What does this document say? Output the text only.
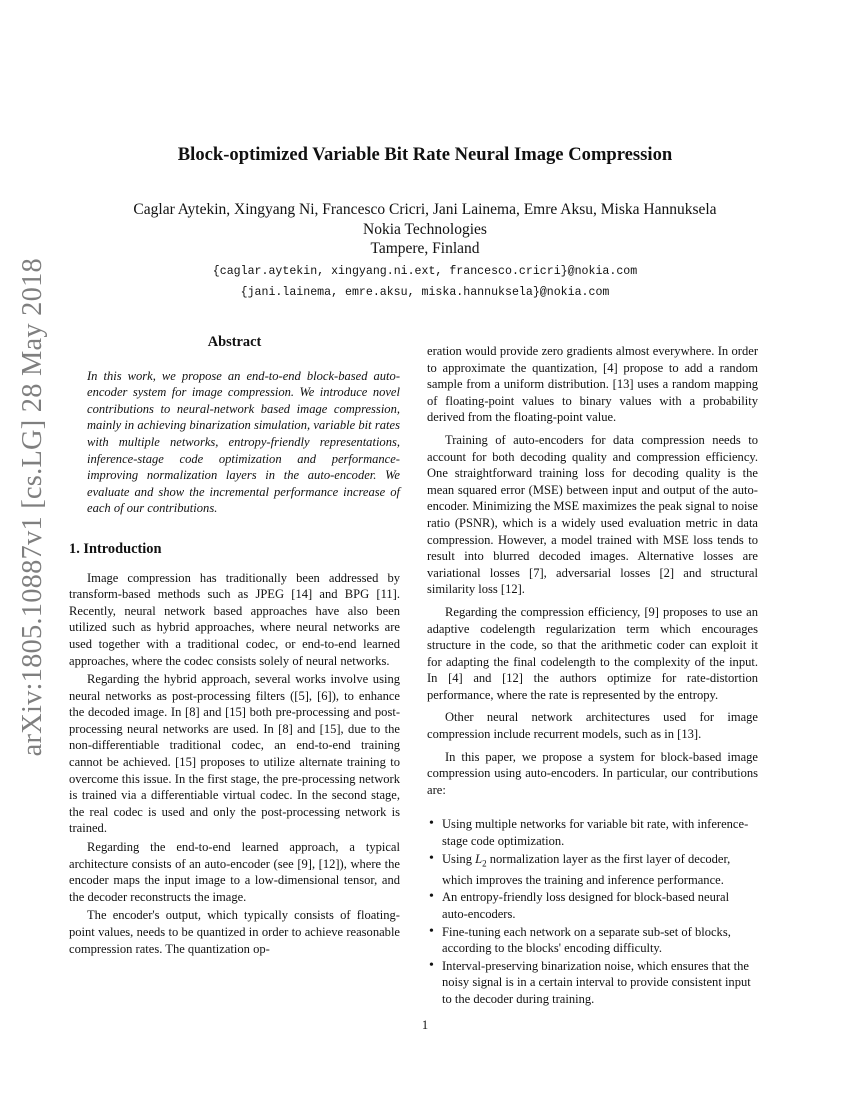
arXiv:1805.10887v1 [cs.LG] 28 May 2018
Block-optimized Variable Bit Rate Neural Image Compression
Caglar Aytekin, Xingyang Ni, Francesco Cricri, Jani Lainema, Emre Aksu, Miska Hannuksela
Nokia Technologies
Tampere, Finland
{caglar.aytekin, xingyang.ni.ext, francesco.cricri}@nokia.com
{jani.lainema, emre.aksu, miska.hannuksela}@nokia.com
Abstract

In this work, we propose an end-to-end block-based auto-encoder system for image compression. We introduce novel contributions to neural-network based image compression, mainly in achieving binarization simulation, variable bit rates with multiple networks, entropy-friendly representations, inference-stage code optimization and performance-improving normalization layers in the auto-encoder. We evaluate and show the incremental performance increase of each of our contributions.

1. Introduction

Image compression has traditionally been addressed by transform-based methods such as JPEG [14] and BPG [11]. Recently, neural network based approaches have also been utilized such as hybrid approaches, where neural networks are used together with a traditional codec, or end-to-end learned approaches, where the codec consists solely of neural networks.

Regarding the hybrid approach, several works involve using neural networks as post-processing filters ([5], [6]), to enhance the decoded image. In [8] and [15] both pre-processing and post-processing neural networks are used. In [8] and [15], due to the non-differentiable traditional codec, an end-to-end training cannot be achieved. [15] proposes to utilize alternate training to overcome this issue. In the first stage, the pre-processing network is trained via a differentiable virtual codec. In the second stage, the real codec is used and only the post-processing network is trained.

Regarding the end-to-end learned approach, a typical architecture consists of an auto-encoder (see [9], [12]), where the encoder maps the input image to a low-dimensional tensor, and the decoder reconstructs the image.

The encoder's output, which typically consists of floating-point values, needs to be quantized in order to achieve reasonable compression rates. The quantization op-

eration would provide zero gradients almost everywhere. In order to approximate the quantization, [4] propose to add a random sample from a uniform distribution. [13] uses a random mapping of floating-point values to binary values with a probability derived from the floating-point value.

Training of auto-encoders for data compression needs to account for both decoding quality and compression efficiency. One straightforward training loss for decoding quality is the mean squared error (MSE) between input and output of the auto-encoder. Minimizing the MSE maximizes the peak signal to noise ratio (PSNR), which is a widely used evaluation metric in data compression. However, a model trained with MSE loss tends to result into blurred decoded images. Alternative losses are variational losses [7], adversarial losses [2] and structural similarity loss [12].

Regarding the compression efficiency, [9] proposes to use an adaptive codelength regularization term which encourages structure in the code, so that the arithmetic coder can exploit it for adapting the final codelength to the complexity of the input. In [4] and [12] the authors optimize for rate-distortion performance, where the rate is represented by the entropy.

Other neural network architectures used for image compression include recurrent models, such as in [13].

In this paper, we propose a system for block-based image compression using auto-encoders. In particular, our contributions are:

• Using multiple networks for variable bit rate, with inference-stage code optimization.
• Using $L_2$ normalization layer as the first layer of decoder, which improves the training and inference performance.
• An entropy-friendly loss designed for block-based neural auto-encoders.
• Fine-tuning each network on a separate sub-set of blocks, according to the blocks' encoding difficulty.
• Interval-preserving binarization noise, which ensures that the noisy signal is in a certain interval to provide consistent input to the decoder during training.
1
